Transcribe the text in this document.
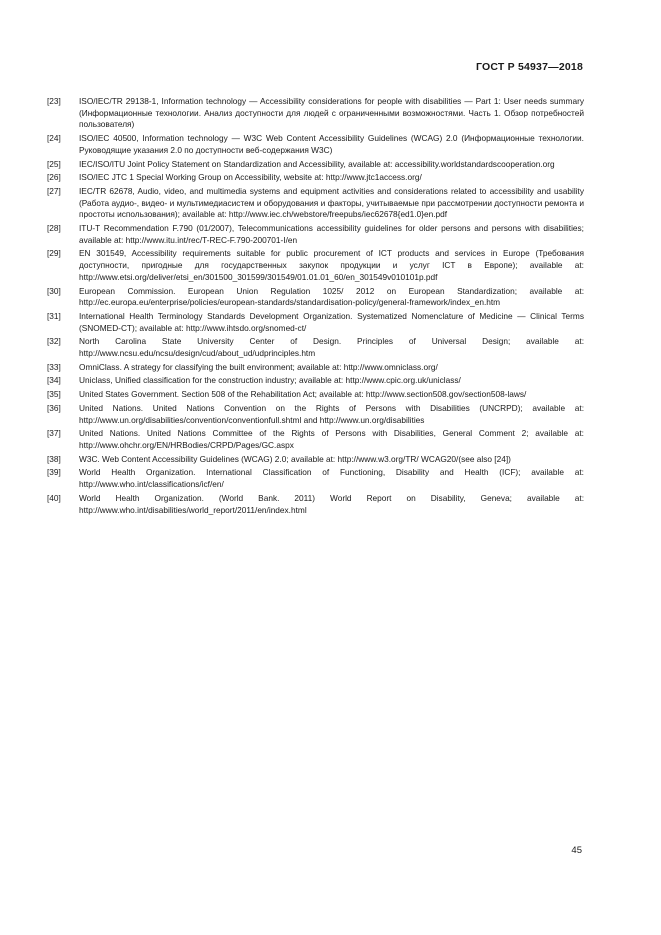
ГОСТ Р 54937—2018
[23]	ISO/IEC/TR 29138-1, Information technology — Accessibility considerations for people with disabilities — Part 1: User needs summary (Информационные технологии. Анализ доступности для людей с ограниченными возможностями. Часть 1. Обзор потребностей пользователя)
[24]	ISO/IEC 40500, Information technology — W3C Web Content Accessibility Guidelines (WCAG) 2.0 (Информационные технологии. Руководящие указания 2.0 по доступности веб-содержания W3C)
[25]	IEC/ISO/ITU Joint Policy Statement on Standardization and Accessibility, available at: accessibility.worldstandardscooperation.org
[26]	ISO/IEC JTC 1 Special Working Group on Accessibility, website at: http://www.jtc1access.org/
[27]	IEC/TR 62678, Audio, video, and multimedia systems and equipment activities and considerations related to accessibility and usability (Работа аудио-, видео- и мультимедиасистем и оборудования и факторы, учитываемые при рассмотрении доступности ремонта и простоты использования); available at: http://www.iec.ch/webstore/freepubs/iec62678{ed1.0}en.pdf
[28]	ITU-T Recommendation F.790 (01/2007), Telecommunications accessibility guidelines for older persons and persons with disabilities; available at: http://www.itu.int/rec/T-REC-F.790-200701-I/en
[29]	EN 301549, Accessibility requirements suitable for public procurement of ICT products and services in Europe (Требования доступности, пригодные для государственных закупок продукции и услуг ICT в Европе); available at: http://www.etsi.org/deliver/etsi_en/301500_301599/301549/01.01.01_60/en_301549v010101p.pdf
[30]	European Commission. European Union Regulation 1025/ 2012 on European Standardization; available at: http://ec.europa.eu/enterprise/policies/european-standards/standardisation-policy/general-framework/index_en.htm
[31]	International Health Terminology Standards Development Organization. Systematized Nomenclature of Medicine — Clinical Terms (SNOMED-CT); available at: http://www.ihtsdo.org/snomed-ct/
[32]	North Carolina State University Center of Design. Principles of Universal Design; available at: http://www.ncsu.edu/ncsu/design/cud/about_ud/udprinciples.htm
[33]	OmniClass. A strategy for classifying the built environment; available at: http://www.omniclass.org/
[34]	Uniclass, Unified classification for the construction industry; available at: http://www.cpic.org.uk/uniclass/
[35]	United States Government. Section 508 of the Rehabilitation Act; available at: http://www.section508.gov/section508-laws/
[36]	United Nations. United Nations Convention on the Rights of Persons with Disabilities (UNCRPD); available at: http://www.un.org/disabilities/convention/conventionfull.shtml and http://www.un.org/disabilities
[37]	United Nations. United Nations Committee of the Rights of Persons with Disabilities, General Comment 2; available at: http://www.ohchr.org/EN/HRBodies/CRPD/Pages/GC.aspx
[38]	W3C. Web Content Accessibility Guidelines (WCAG) 2.0; available at: http://www.w3.org/TR/ WCAG20/(see also [24])
[39]	World Health Organization. International Classification of Functioning, Disability and Health (ICF); available at: http://www.who.int/classifications/icf/en/
[40]	World Health Organization. (World Bank. 2011) World Report on Disability, Geneva; available at: http://www.who.int/disabilities/world_report/2011/en/index.html
45
